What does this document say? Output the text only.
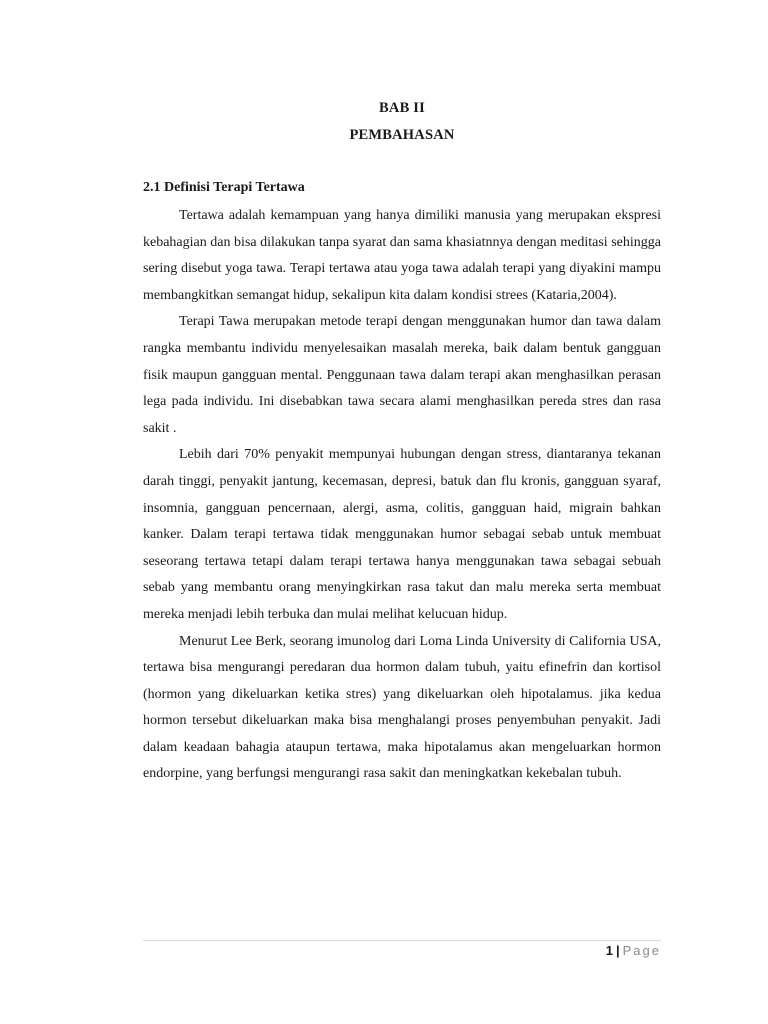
BAB II
PEMBAHASAN
2.1 Definisi Terapi Tertawa

Tertawa adalah kemampuan yang hanya dimiliki manusia yang merupakan ekspresi kebahagian dan bisa dilakukan tanpa syarat dan sama khasiatnnya dengan meditasi sehingga sering disebut yoga tawa. Terapi tertawa atau yoga tawa adalah terapi yang diyakini mampu membangkitkan semangat hidup, sekalipun kita dalam kondisi strees (Kataria,2004).

Terapi Tawa merupakan metode terapi dengan menggunakan humor dan tawa dalam rangka membantu individu menyelesaikan masalah mereka, baik dalam bentuk gangguan fisik maupun gangguan mental. Penggunaan tawa dalam terapi akan menghasilkan perasan lega pada individu. Ini disebabkan tawa secara alami menghasilkan pereda stres dan rasa sakit .

Lebih dari 70% penyakit mempunyai hubungan dengan stress, diantaranya tekanan darah tinggi, penyakit jantung, kecemasan, depresi, batuk dan flu kronis, gangguan syaraf, insomnia, gangguan pencernaan, alergi, asma, colitis, gangguan haid, migrain bahkan kanker. Dalam terapi tertawa tidak menggunakan humor sebagai sebab untuk membuat seseorang tertawa tetapi dalam terapi tertawa hanya menggunakan tawa sebagai sebuah sebab yang membantu orang menyingkirkan rasa takut dan malu mereka serta membuat mereka menjadi lebih terbuka dan mulai melihat kelucuan hidup.

Menurut Lee Berk, seorang imunolog dari Loma Linda University di California USA, tertawa bisa mengurangi peredaran dua hormon dalam tubuh, yaitu efinefrin dan kortisol (hormon yang dikeluarkan ketika stres) yang dikeluarkan oleh hipotalamus. jika kedua hormon tersebut dikeluarkan maka bisa menghalangi proses penyembuhan penyakit. Jadi dalam keadaan bahagia ataupun tertawa, maka hipotalamus akan mengeluarkan hormon endorpine, yang berfungsi mengurangi rasa sakit dan meningkatkan kekebalan tubuh.

1 | Page
